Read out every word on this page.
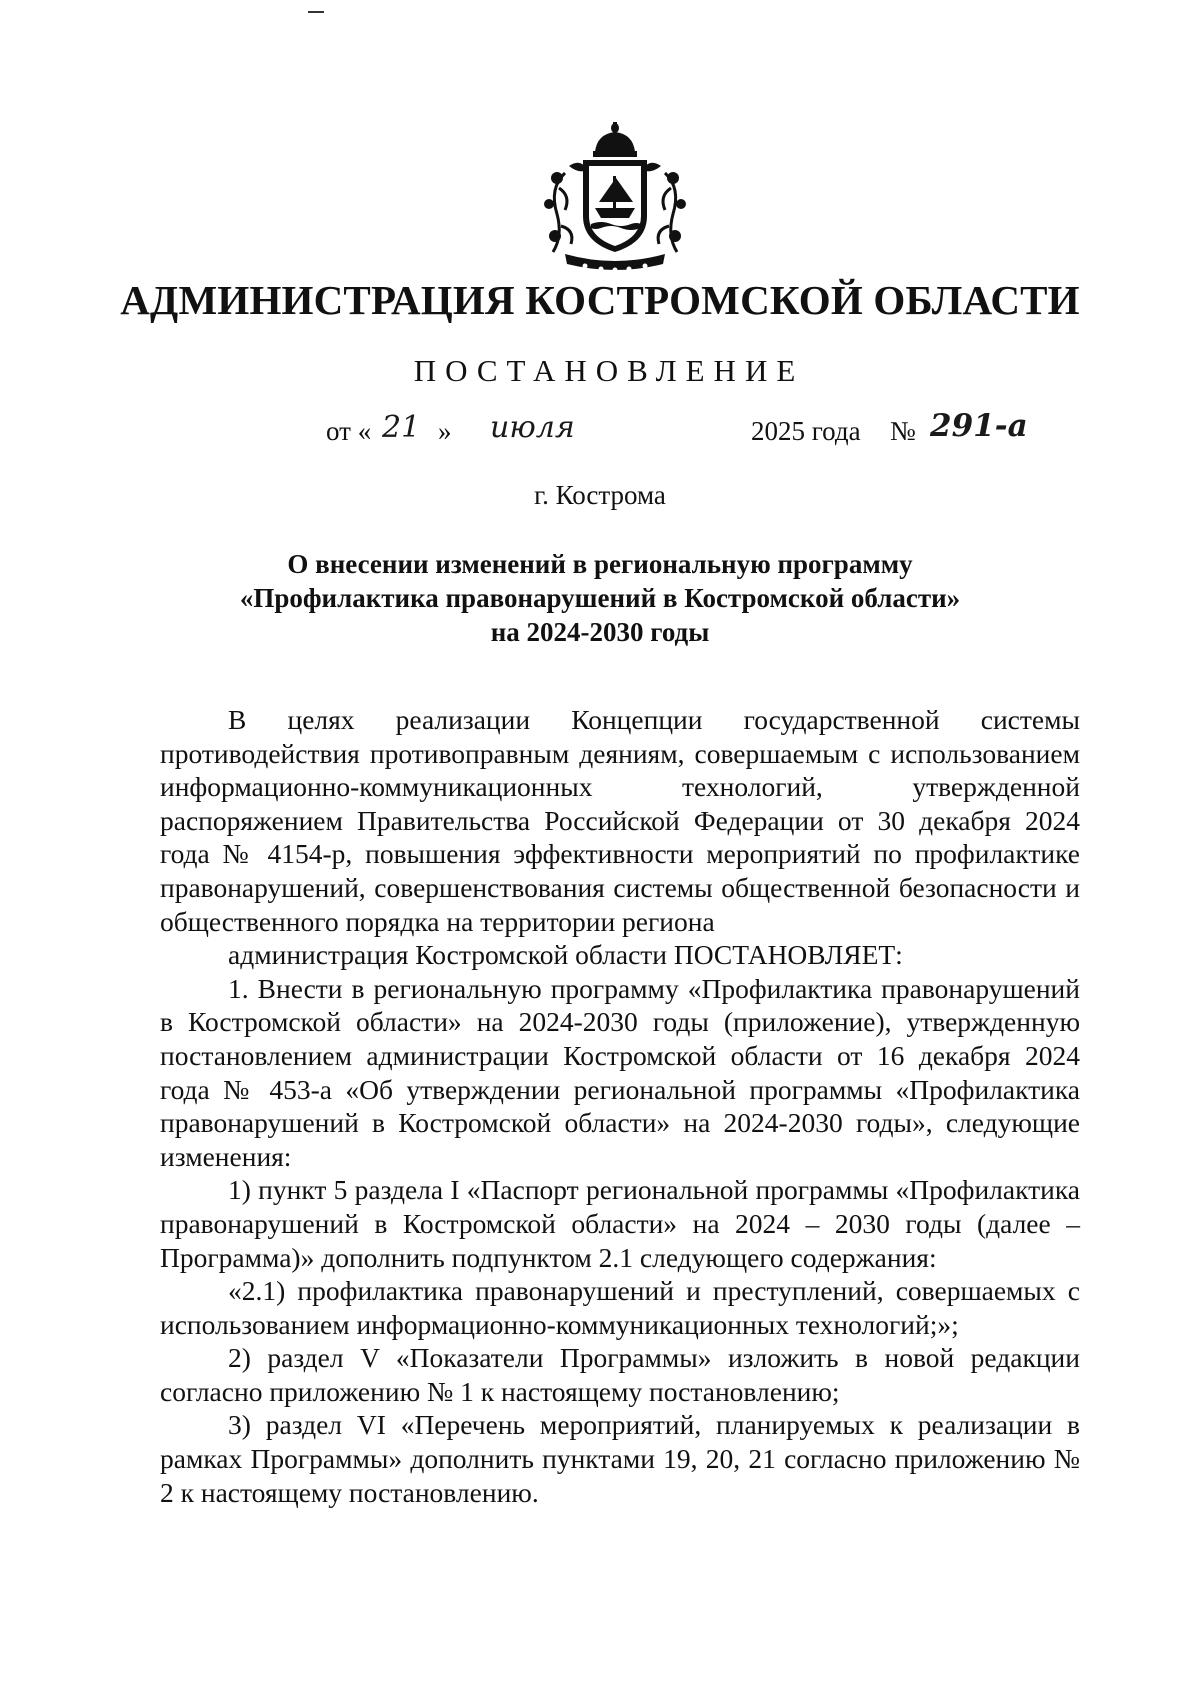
АДМИНИСТРАЦИЯ КОСТРОМСКОЙ ОБЛАСТИ
ПОСТАНОВЛЕНИЕ
от « 21 » июля	2025 года № 291-а
г. Кострома
О внесении изменений в региональную программу
«Профилактика правонарушений в Костромской области»
на 2024-2030 годы

В целях реализации Концепции государственной системы противодействия противоправным деяниям, совершаемым с использованием информационно-коммуникационных технологий, утвержденной распоряжением Правительства Российской Федерации от 30 декабря 2024 года № 4154-р, повышения эффективности мероприятий по профилактике правонарушений, совершенствования системы общественной безопасности и общественного порядка на территории региона

администрация Костромской области ПОСТАНОВЛЯЕТ:

1. Внести в региональную программу «Профилактика правонарушений в Костромской области» на 2024-2030 годы (приложение), утвержденную постановлением администрации Костромской области от 16 декабря 2024 года № 453-а «Об утверждении региональной программы «Профилактика правонарушений в Костромской области» на 2024-2030 годы», следующие изменения:

1) пункт 5 раздела I «Паспорт региональной программы «Профилактика правонарушений в Костромской области» на 2024 – 2030 годы (далее – Программа)» дополнить подпунктом 2.1 следующего содержания:

«2.1) профилактика правонарушений и преступлений, совершаемых с использованием информационно-коммуникационных технологий;»;

2) раздел V «Показатели Программы» изложить в новой редакции согласно приложению № 1 к настоящему постановлению;

3) раздел VI «Перечень мероприятий, планируемых к реализации в рамках Программы» дополнить пунктами 19, 20, 21 согласно приложению № 2 к настоящему постановлению.
